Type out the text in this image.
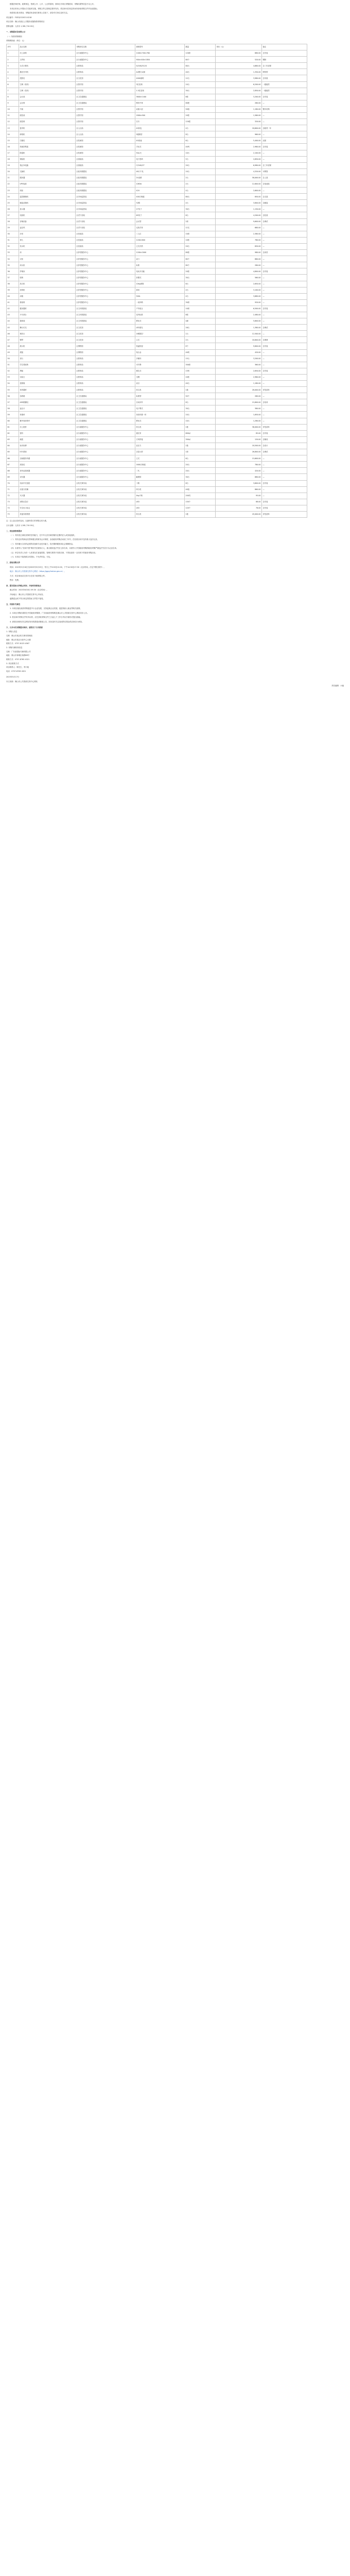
根据法律法规、政策规定，按照公开、公平、公正的原则，我单位对项目采购需求、采购结果等信息予以公开。

本项目采用公开招标方式组织实施，采购文件已按规定程序发布，供应商可在规定时间内获取采购文件并参加投标。

现将项目基本情况、采购清单及相关事项公告如下，请各有关单位及时关注。

项目编号：FSZQCG2023-0218

项目名称：佛山市某区公共服务设施物资采购项目

预算金额：人民币 1,381,710.00元

一、采购需求及结果公示

（一）物资采购明细

采购明细表（单位：元）

序号	品目名称	采购单位名称	规格型号	数量	单价（元）	备注
1	办公桌椅	区行政服务中心	1400×700×760	120套	680.00	含安装
2	文件柜	区行政服务中心	900×400×1850	60个	520.00	钢制
3	台式计算机	区教育局	i5/16G/512G	80台	4,680.00	含三年质保
4	激光打印机	区教育局	A4黑白双面	40台	1,350.00	网络型
5	投影仪	区文化馆	4000流明	12台	3,980.00	含吊架
6	空调（柜机）	区图书馆	3匹变频	10台	6,200.00	一级能效
7	空调（挂机）	区图书馆	1.5匹变频	30台	2,850.00	一级能效
8	会议桌	区卫生健康局	3600×1400	6张	3,200.00	含安装
9	会议椅	区卫生健康局	网布中背	80把	260.00	—
10	书架	区图书馆	双面六层	50组	1,180.00	钢木结构
11	阅览桌	区图书馆	1800×900	20张	1,560.00	—
12	阅览椅	区图书馆	实木	120把	320.00	—
13	复印机	区人社局	A3彩色	4台	18,600.00	含耗材一年
14	碎纸机	区人社局	5级保密	8台	960.00	—
15	扫描仪	区档案馆	A3高速	6台	5,400.00	双面
16	档案密集架	区档案馆	手动式	40列	2,980.00	含安装
17	除湿机	区档案馆	50L/天	10台	2,100.00	—
18	保险柜	区财政局	电子密码	5台	2,650.00	—
19	笔记本电脑	区财政局	i7/16G/1T	20台	6,980.00	含三年质保
20	交换机	区政务数据局	48口千兆	10台	4,320.00	可网管
21	服务器	区政务数据局	2U双路	2台	58,000.00	含上架
22	UPS电源	区政务数据局	10KVA	2台	12,800.00	含电池组
23	机柜	区政务数据局	42U	4台	2,600.00	—
24	监控摄像机	区市场监管局	400万像素	60台	650.00	含支架
25	硬盘录像机	区市场监管局	32路	4台	3,800.00	含硬盘
26	显示器	区市场监管局	27英寸	30台	1,150.00	—
27	电视机	区老干部局	65英寸	6台	4,200.00	含挂架
28	音响设备	区老干部局	会议型	2套	9,600.00	含调试
29	麦克风	区老干部局	无线手持	12支	680.00	—
30	沙发	区民政局	三人位	10套	2,380.00	—
31	茶几	区民政局	1200×600	10张	780.00	—
32	饮水机	区民政局	立式冷热	20台	650.00	—
33	床	区养老服务中心	1200×2000	80张	980.00	含床垫
34	衣柜	区养老服务中心	双门	80个	860.00	—
35	床头柜	区养老服务中心	标准	80个	280.00	—
36	护理床	区养老服务中心	电动多功能	20张	4,800.00	含安装
37	轮椅	区养老服务中心	折叠式	30台	560.00	—
38	洗衣机	区养老服务中心	10kg滚筒	6台	2,650.00	—
39	消毒柜	区养老服务中心	商用	4台	3,100.00	—
40	冰箱	区养老服务中心	500L	4台	3,680.00	—
41	餐桌椅	区养老服务中心	一桌四椅	30套	920.00	—
42	健身器材	区文体旅游局	户外组合	10套	6,500.00	含安装
43	乒乓球台	区文体旅游局	室内标准	6张	2,480.00	—
44	篮球架	区文体旅游局	移动式	4副	5,600.00	—
45	舞台灯光	区文化馆	LED面光	16台	1,380.00	含调试
46	调音台	区文化馆	16路数字	1台	12,500.00	—
47	钢琴	区文化馆	立式	2台	18,800.00	含调律
48	展示柜	区博物馆	恒温恒湿	8个	9,800.00	含安装
49	展板	区博物馆	铝合金	40块	420.00	—
50	讲台	区教育局	多媒体	15台	3,200.00	—
51	学生课桌椅	区教育局	可升降	300套	360.00	—
52	黑板	区教育局	推拉式	15块	2,650.00	含安装
53	实验台	区教育局	全钢	20张	2,980.00	—
54	显微镜	区教育局	双目	40台	1,180.00	—
55	体育器材	区教育局	综合类	1批	28,000.00	详见清单
56	急救箱	区卫生健康局	标准型	50个	260.00	—
57	AED除颤仪	区卫生健康局	自动体外	8台	15,800.00	含培训
58	血压计	区卫生健康局	电子臂式	30台	380.00	—
59	体重秤	区卫生健康局	身高体重一体	10台	1,650.00	—
60	紫外线消毒车	区卫生健康局	移动式	10台	1,280.00	—
61	办公耗材	区行政服务中心	综合类	1批	36,000.00	详见清单
62	窗帘	区行政服务中心	遮光布	600㎡	85.00	含安装
63	地毯	区行政服务中心	方块拼接	300㎡	120.00	含铺设
64	标识标牌	区行政服务中心	亚克力	1批	18,500.00	含设计
65	叫号系统	区行政服务中心	含显示屏	1套	26,800.00	含调试
66	自助服务终端	区行政服务中心	立式	6台	15,600.00	—
67	高拍仪	区行政服务中心	1600万像素	20台	780.00	—
68	身份证阅读器	区行政服务中心	二代	20台	420.00	—
69	评价器	区行政服务中心	触摸屏	30台	680.00	—
70	电动车充电桩	区机关事务局	十路	6台	3,600.00	含安装
71	垃圾分类桶	区机关事务局	四分类	40组	860.00	—
72	灭火器	区机关事务局	4kg干粉	200具	95.00	—
73	消防应急灯	区机关事务局	LED	150个	88.00	含安装
74	安全出口标志	区机关事务局	LED	120个	76.00	含安装
75	其他零星物资	区机关事务局	综合类	1批	45,000.00	详见清单

注：以上品目如有变动，以最终签订的采购合同为准。

合计金额：人民币 1,381,710.00元

二、供应商资格要求

（一）具有独立承担民事责任的能力，在中华人民共和国境内注册的法人或其他组织。

（二）具有良好的商业信誉和健全的财务会计制度，参加政府采购活动前三年内，在经营活动中没有重大违法记录。

（三）具有履行合同所必需的设备和专业技术能力，依法缴纳税收和社会保障资金。

（四）未被列入“信用中国”网站失信被执行人、重大税收违法失信主体名单，未被列入中国政府采购网政府采购严重违法失信行为记录名单。

（五）单位负责人为同一人或者存在直接控股、管理关系的不同供应商，不得参加同一合同项下的政府采购活动。

（六）本项目不接受联合体投标，不允许转包、分包。

三、获取采购文件

时间：2023年5月18日至2023年5月25日，每天上午9:00至12:00，下午14:30至17:30（北京时间，法定节假日除外）。

地点：佛山市公共资源交易中心网站（https://ggzy.foshan.gov.cn）。

方式：供应商登录交易平台在线下载采购文件。

售价：免费。

四、提交投标文件截止时间、开标时间和地点

截止时间：2023年6月8日 09:30（北京时间）。

开标地点：佛山市公共资源交易中心开标室。

逾期送达或不符合规定的投标文件恕不接受。

五、其他补充事宜

1. 本项目落实政府采购促进中小企业发展、支持监狱企业发展、促进残疾人就业等相关政策。

2. 本项目采购结果将在中国政府采购网、广东省政府采购网及佛山市公共资源交易中心网站同步公告。

3. 供应商对采购文件有异议的，应在获取采购文件之日起七个工作日内以书面形式提出质疑。

4. 请供应商密切关注网站发布的澄清或修改公告，因未及时关注造成的后果由供应商自行承担。

六、凡对本次采购提出询问，请按以下方式联系

1. 采购人信息

名称：佛山市某区机关事务管理局

地址：佛山市某区行政中心大楼

联系方式：0757-8123 4567

2. 采购代理机构信息

名称：广东某招标代理有限公司

地址：佛山市禅城区某路88号

联系方式：0757-8765 4321

3. 项目联系方式

项目联系人：陈先生、李小姐

电话：0757-8765 4321

2023年5月17日

本文来源：佛山市公共资源交易中心网站

责任编辑：小编
